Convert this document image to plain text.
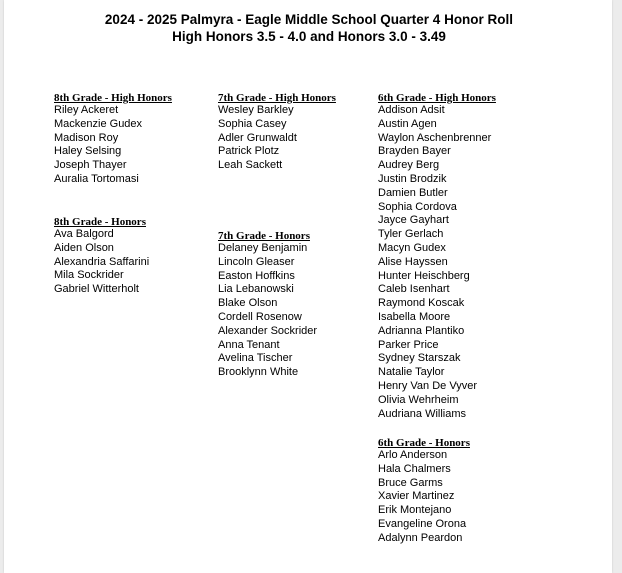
2024 - 2025 Palmyra - Eagle Middle School Quarter 4 Honor Roll
High Honors 3.5 - 4.0 and Honors 3.0 - 3.49
8th Grade - High Honors
Riley Ackeret
Mackenzie Gudex
Madison Roy
Haley Selsing
Joseph Thayer
Auralia Tortomasi
8th Grade - Honors
Ava Balgord
Aiden Olson
Alexandria Saffarini
Mila Sockrider
Gabriel Witterholt
7th Grade - High Honors
Wesley Barkley
Sophia Casey
Adler Grunwaldt
Patrick Plotz
Leah Sackett
7th Grade - Honors
Delaney Benjamin
Lincoln Gleaser
Easton Hoffkins
Lia Lebanowski
Blake Olson
Cordell Rosenow
Alexander Sockrider
Anna Tenant
Avelina Tischer
Brooklynn White
6th Grade - High Honors
Addison Adsit
Austin Agen
Waylon Aschenbrenner
Brayden Bayer
Audrey Berg
Justin Brodzik
Damien Butler
Sophia Cordova
Jayce Gayhart
Tyler Gerlach
Macyn Gudex
Alise Hayssen
Hunter Heischberg
Caleb Isenhart
Raymond Koscak
Isabella Moore
Adrianna Plantiko
Parker Price
Sydney Starszak
Natalie Taylor
Henry Van De Vyver
Olivia Wehrheim
Audriana Williams
6th Grade - Honors
Arlo Anderson
Hala Chalmers
Bruce Garms
Xavier Martinez
Erik Montejano
Evangeline Orona
Adalynn Peardon
